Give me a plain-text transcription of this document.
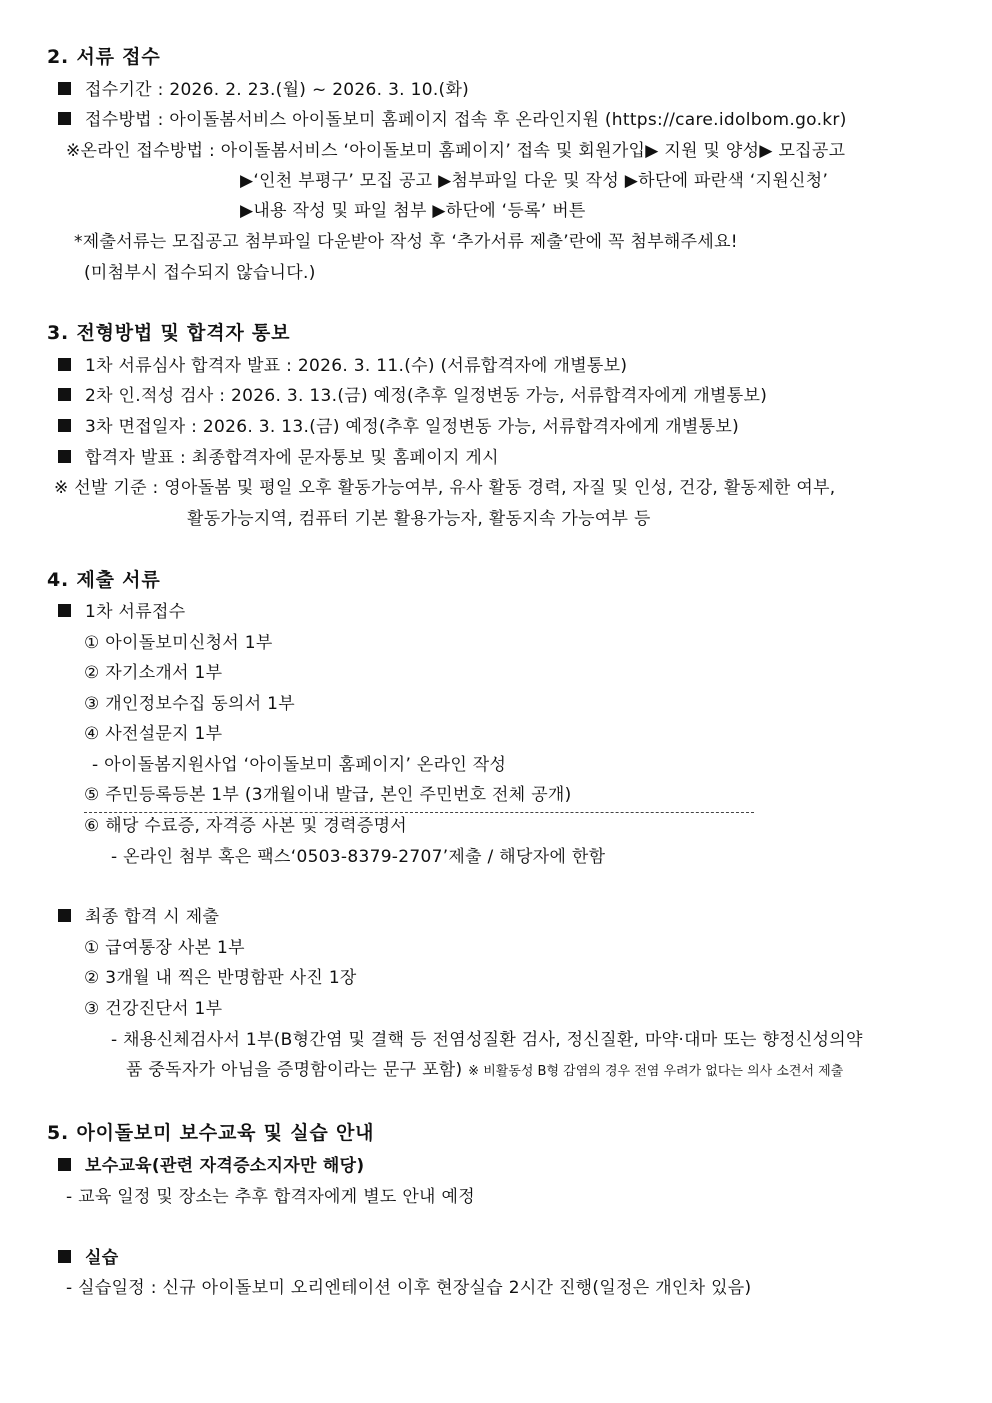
2. 서류 접수
접수기간 : 2026. 2. 23.(월) ~ 2026. 3. 10.(화)
접수방법 : 아이돌봄서비스 아이돌보미 홈페이지 접속 후 온라인지원 (https://care.idolbom.go.kr)
※온라인 접수방법 : 아이돌봄서비스 ‘아이돌보미 홈페이지’ 접속 및 회원가입▶ 지원 및 양성▶ 모집공고
▶‘인천 부평구’ 모집 공고 ▶첨부파일 다운 및 작성 ▶하단에 파란색 ‘지원신청’
▶내용 작성 및 파일 첨부 ▶하단에 ‘등록’ 버튼
*제출서류는 모집공고 첨부파일 다운받아 작성 후 ‘추가서류 제출’란에 꼭 첨부해주세요!
(미첨부시 접수되지 않습니다.)
3. 전형방법 및 합격자 통보
1차 서류심사 합격자 발표 : 2026. 3. 11.(수) (서류합격자에 개별통보)
2차 인.적성 검사 : 2026. 3. 13.(금) 예정(추후 일정변동 가능, 서류합격자에게 개별통보)
3차 면접일자 : 2026. 3. 13.(금) 예정(추후 일정변동 가능, 서류합격자에게 개별통보)
합격자 발표 : 최종합격자에 문자통보 및 홈페이지 게시
※ 선발 기준 : 영아돌봄 및 평일 오후 활동가능여부, 유사 활동 경력, 자질 및 인성, 건강, 활동제한 여부,
활동가능지역, 컴퓨터 기본 활용가능자, 활동지속 가능여부 등
4. 제출 서류
1차 서류접수
① 아이돌보미신청서 1부
② 자기소개서 1부
③ 개인정보수집 동의서 1부
④ 사전설문지 1부
- 아이돌봄지원사업 ‘아이돌보미 홈페이지’ 온라인 작성
⑤ 주민등록등본 1부 (3개월이내 발급, 본인 주민번호 전체 공개)
⑥ 해당 수료증, 자격증 사본 및 경력증명서
- 온라인 첨부 혹은 팩스‘0503-8379-2707’제출 / 해당자에 한함
최종 합격 시 제출
① 급여통장 사본 1부
② 3개월 내 찍은 반명함판 사진 1장
③ 건강진단서 1부
- 채용신체검사서 1부(B형간염 및 결핵 등 전염성질환 검사, 정신질환, 마약·대마 또는 향정신성의약
품 중독자가 아님을 증명함이라는 문구 포함) ※ 비활동성 B형 감염의 경우 전염 우려가 없다는 의사 소견서 제출
5. 아이돌보미 보수교육 및 실습 안내
보수교육(관련 자격증소지자만 해당)
- 교육 일정 및 장소는 추후 합격자에게 별도 안내 예정
실습
- 실습일정 : 신규 아이돌보미 오리엔테이션 이후 현장실습 2시간 진행(일정은 개인차 있음)
